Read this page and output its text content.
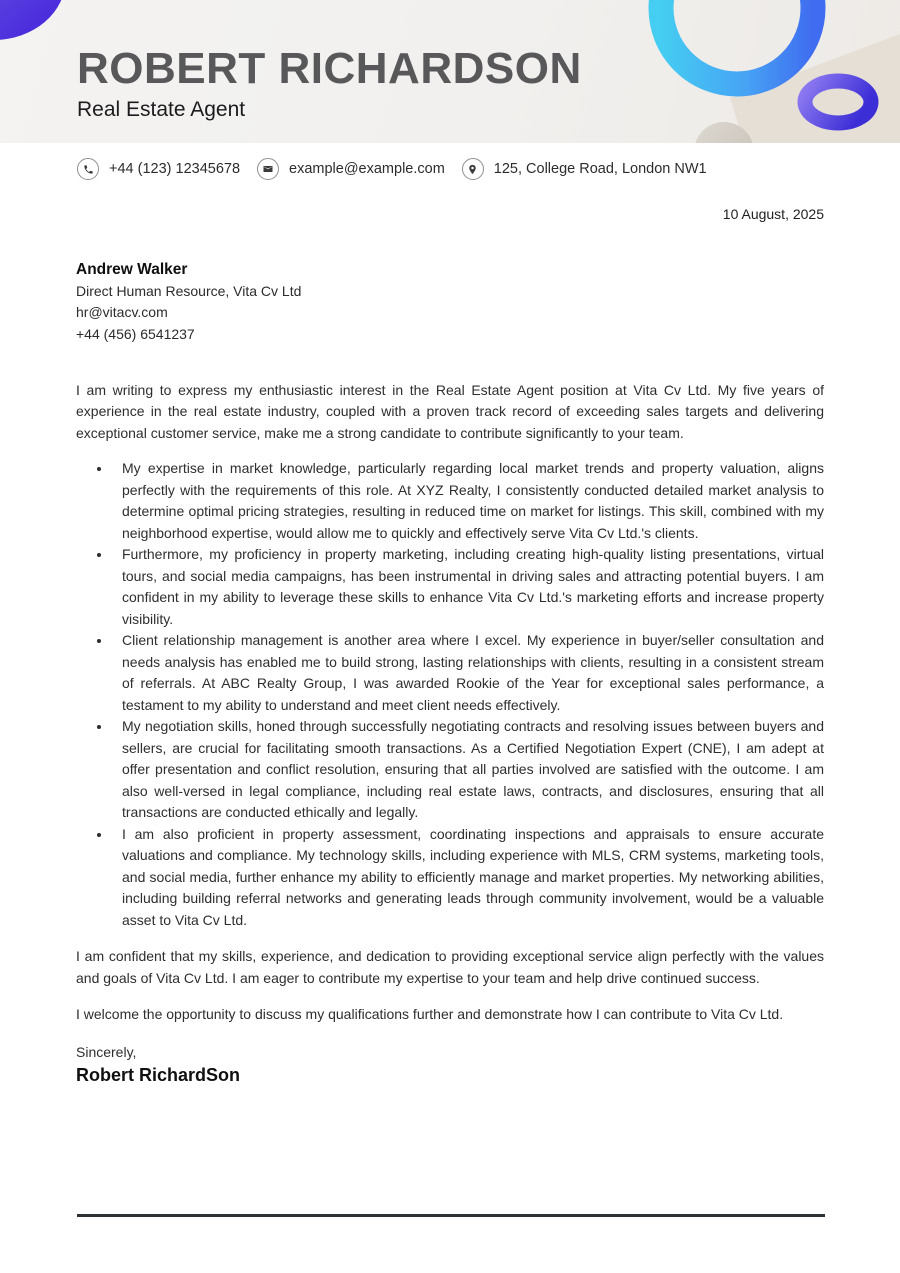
ROBERT RICHARDSON
Real Estate Agent
+44 (123) 12345678	example@example.com	125, College Road, London NW1
10 August, 2025
Andrew Walker
Direct Human Resource, Vita Cv Ltd
hr@vitacv.com
+44 (456) 6541237

I am writing to express my enthusiastic interest in the Real Estate Agent position at Vita Cv Ltd. My five years of experience in the real estate industry, coupled with a proven track record of exceeding sales targets and delivering exceptional customer service, make me a strong candidate to contribute significantly to your team.

• My expertise in market knowledge, particularly regarding local market trends and property valuation, aligns perfectly with the requirements of this role. At XYZ Realty, I consistently conducted detailed market analysis to determine optimal pricing strategies, resulting in reduced time on market for listings. This skill, combined with my neighborhood expertise, would allow me to quickly and effectively serve Vita Cv Ltd.'s clients.
• Furthermore, my proficiency in property marketing, including creating high-quality listing presentations, virtual tours, and social media campaigns, has been instrumental in driving sales and attracting potential buyers. I am confident in my ability to leverage these skills to enhance Vita Cv Ltd.'s marketing efforts and increase property visibility.
• Client relationship management is another area where I excel. My experience in buyer/seller consultation and needs analysis has enabled me to build strong, lasting relationships with clients, resulting in a consistent stream of referrals. At ABC Realty Group, I was awarded Rookie of the Year for exceptional sales performance, a testament to my ability to understand and meet client needs effectively.
• My negotiation skills, honed through successfully negotiating contracts and resolving issues between buyers and sellers, are crucial for facilitating smooth transactions. As a Certified Negotiation Expert (CNE), I am adept at offer presentation and conflict resolution, ensuring that all parties involved are satisfied with the outcome. I am also well-versed in legal compliance, including real estate laws, contracts, and disclosures, ensuring that all transactions are conducted ethically and legally.
• I am also proficient in property assessment, coordinating inspections and appraisals to ensure accurate valuations and compliance. My technology skills, including experience with MLS, CRM systems, marketing tools, and social media, further enhance my ability to efficiently manage and market properties. My networking abilities, including building referral networks and generating leads through community involvement, would be a valuable asset to Vita Cv Ltd.

I am confident that my skills, experience, and dedication to providing exceptional service align perfectly with the values and goals of Vita Cv Ltd. I am eager to contribute my expertise to your team and help drive continued success.

I welcome the opportunity to discuss my qualifications further and demonstrate how I can contribute to Vita Cv Ltd.

Sincerely,

Robert RichardSon
